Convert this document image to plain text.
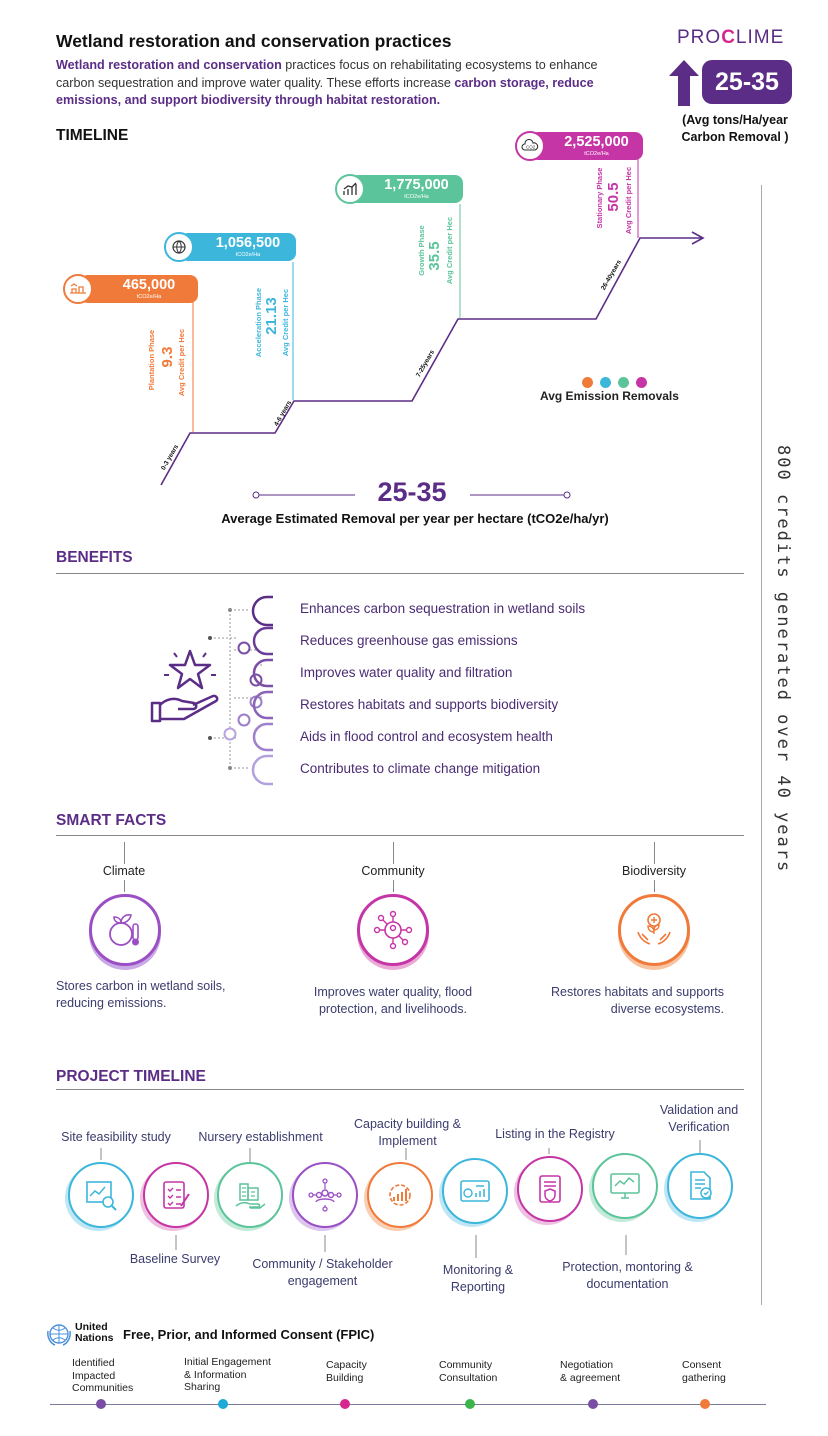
Wetland restoration and conservation practices
Wetland restoration and conservation practices focus on rehabilitating ecosystems to enhance carbon sequestration and improve water quality. These efforts increase carbon storage, reduce emissions, and support biodiversity through habitat restoration.
PROCLIME
25-35
(Avg tons/Ha/year
Carbon Removal )
TIMELINE
465,000
tCO2e/Ha
Plantation Phase 9.3 Avg Credit per Hec
0-3 years
1,056,500
tCO2e/Ha
Acceleration Phase 21.13 Avg Credit per Hec
4-6 years
1,775,000
tCO2e/Ha
Growth Phase 35.5 Avg Credit per Hec
7-25years
2,525,000
tCO2e/Ha
CO2
Stationary Phase 50.5 Avg Credit per Hec
26-40years
Avg Emission Removals
25-35
Average Estimated Removal per year per hectare (tCO2e/ha/yr)	800 credits generated over 40 years
BENEFITS
Enhances carbon sequestration in wetland soils
Reduces greenhouse gas emissions
Improves water quality and filtration
Restores habitats and supports biodiversity
Aids in flood control and ecosystem health
Contributes to climate change mitigation
SMART FACTS
Climate
Stores carbon in wetland soils,
reducing emissions.
Community
Improves water quality, flood
protection, and livelihoods.
Biodiversity
Restores habitats and supports
diverse ecosystems.
PROJECT TIMELINE
Site feasibility study
Baseline Survey
Nursery establishment
Community / Stakeholder engagement
Capacity building & Implement
Monitoring & Reporting
Listing in the Registry
Protection, montoring & documentation
Validation and Verification
United
Nations Free, Prior, and Informed Consent (FPIC)
Identified
Impacted
Communities
Initial Engagement
& Information
Sharing
Capacity
Building
Community
Consultation
Negotiation
& agreement
Consent
gathering
